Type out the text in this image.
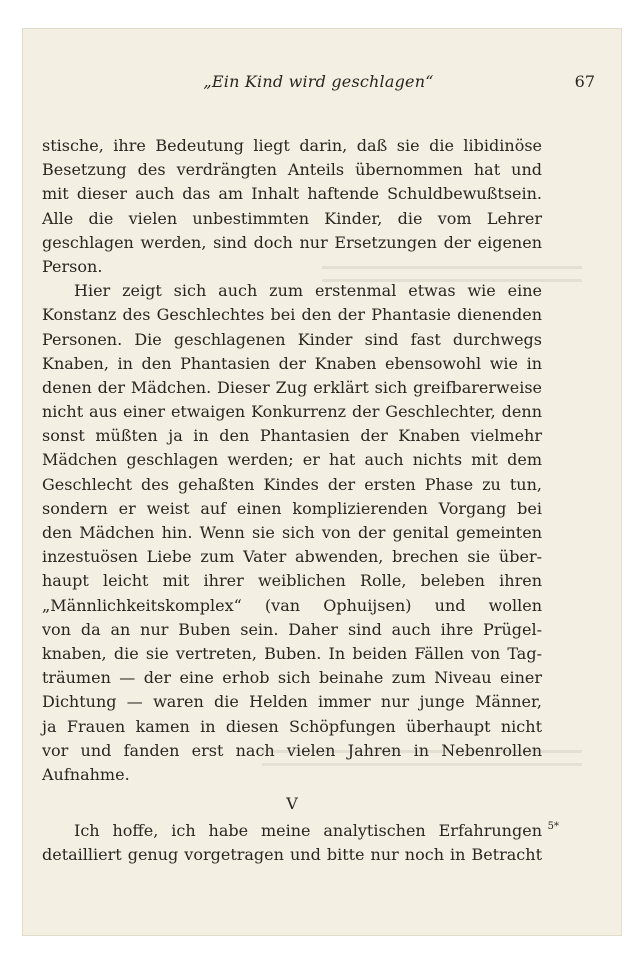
„Ein Kind wird geschlagen“	67
stische, ihre Bedeutung liegt darin, daß sie die libidinöse
Besetzung des verdrängten Anteils übernommen hat und
mit dieser auch das am Inhalt haftende Schuldbewußtsein.
Alle die vielen unbestimmten Kinder, die vom Lehrer
geschlagen werden, sind doch nur Ersetzungen der eigenen
Person.
Hier zeigt sich auch zum erstenmal etwas wie eine
Konstanz des Geschlechtes bei den der Phantasie dienenden
Personen. Die geschlagenen Kinder sind fast durchwegs
Knaben, in den Phantasien der Knaben ebensowohl wie in
denen der Mädchen. Dieser Zug erklärt sich greifbarerweise
nicht aus einer etwaigen Konkurrenz der Geschlechter, denn
sonst müßten ja in den Phantasien der Knaben vielmehr
Mädchen geschlagen werden; er hat auch nichts mit dem
Geschlecht des gehaßten Kindes der ersten Phase zu tun,
sondern er weist auf einen komplizierenden Vorgang bei
den Mädchen hin. Wenn sie sich von der genital gemeinten
inzestuösen Liebe zum Vater abwenden, brechen sie über-
haupt leicht mit ihrer weiblichen Rolle, beleben ihren
„Männlichkeitskomplex“ (van Ophuijsen) und wollen
von da an nur Buben sein. Daher sind auch ihre Prügel-
knaben, die sie vertreten, Buben. In beiden Fällen von Tag-
träumen — der eine erhob sich beinahe zum Niveau einer
Dichtung — waren die Helden immer nur junge Männer,
ja Frauen kamen in diesen Schöpfungen überhaupt nicht
vor und fanden erst nach vielen Jahren in Nebenrollen
Aufnahme.
V
Ich hoffe, ich habe meine analytischen Erfahrungen
detailliert genug vorgetragen und bitte nur noch in Betracht
5*
